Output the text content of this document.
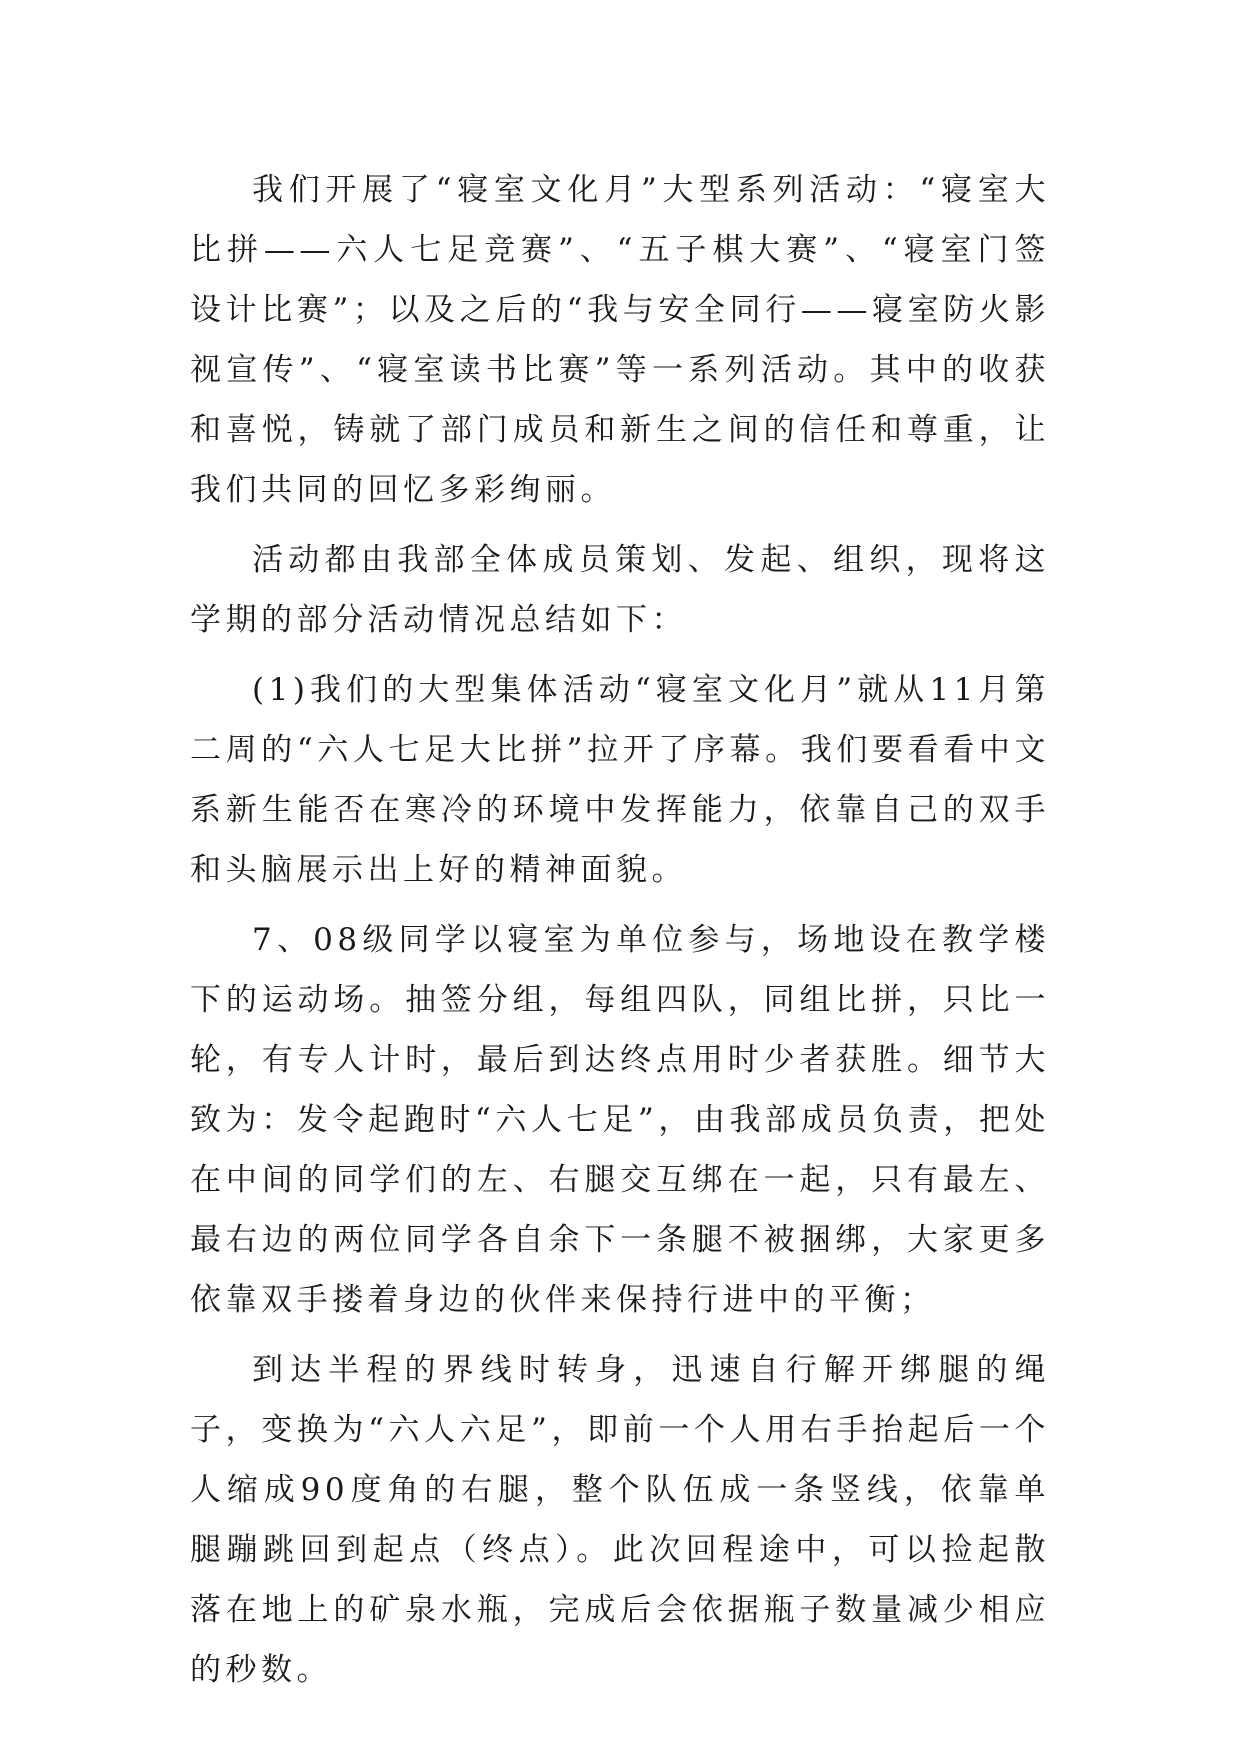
我们开展了“寝室文化月”大型系列活动：“寝室大比拼——六人七足竞赛”、“五子棋大赛”、“寝室门签设计比赛”；以及之后的“我与安全同行——寝室防火影视宣传”、“寝室读书比赛”等一系列活动。其中的收获和喜悦，铸就了部门成员和新生之间的信任和尊重，让我们共同的回忆多彩绚丽。

活动都由我部全体成员策划、发起、组织，现将这学期的部分活动情况总结如下：

(1)我们的大型集体活动“寝室文化月”就从11月第二周的“六人七足大比拼”拉开了序幕。我们要看看中文系新生能否在寒冷的环境中发挥能力，依靠自己的双手和头脑展示出上好的精神面貌。

7、08级同学以寝室为单位参与，场地设在教学楼下的运动场。抽签分组，每组四队，同组比拼，只比一轮，有专人计时，最后到达终点用时少者获胜。细节大致为：发令起跑时“六人七足”，由我部成员负责，把处在中间的同学们的左、右腿交互绑在一起，只有最左、最右边的两位同学各自余下一条腿不被捆绑，大家更多依靠双手搂着身边的伙伴来保持行进中的平衡；

到达半程的界线时转身，迅速自行解开绑腿的绳子，变换为“六人六足”，即前一个人用右手抬起后一个人缩成90度角的右腿，整个队伍成一条竖线，依靠单腿蹦跳回到起点（终点）。此次回程途中，可以捡起散落在地上的矿泉水瓶，完成后会依据瓶子数量减少相应的秒数。
